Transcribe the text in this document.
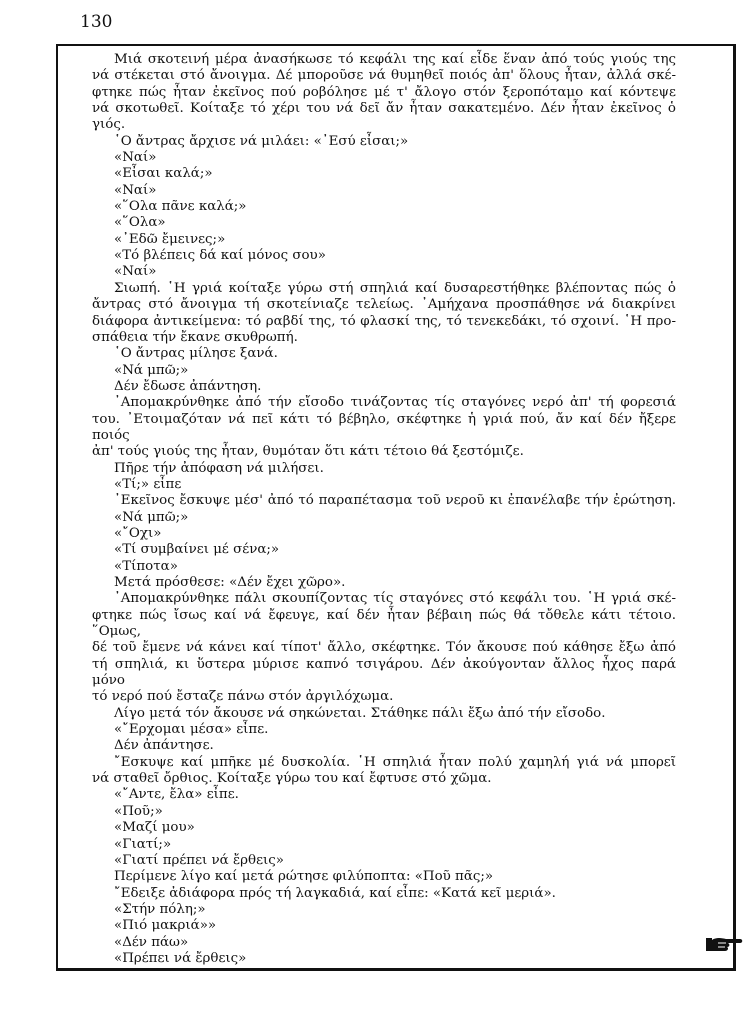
130

Μιά σκοτεινή μέρα ἀνασήκωσε τό κεφάλι της καί εἶδε ἕναν ἀπό τούς γιούς της

νά στέκεται στό ἄνοιγμα. Δέ μποροῦσε νά θυμηθεῖ ποιός ἀπ' ὅλους ἦταν, ἀλλά σκέ-

φτηκε πώς ἦταν ἐκεῖνος πού ροβόλησε μέ τ' ἄλογο στόν ξεροπόταμο καί κόντεψε

νά σκοτωθεῖ. Κοίταξε τό χέρι του νά δεῖ ἄν ἦταν σακατεμένο. Δέν ἦταν ἐκεῖνος ὁ γιός.

῾Ο ἄντρας ἄρχισε νά μιλάει: «᾿Εσύ εἶσαι;»

«Ναί»

«Εἶσαι καλά;»

«Ναί»

«῞Ολα πᾶνε καλά;»

«῞Ολα»

«᾿Εδῶ ἔμεινες;»

«Τό βλέπεις δά καί μόνος σου»

«Ναί»

Σιωπή. ῾Η γριά κοίταξε γύρω στή σπηλιά καί δυσαρεστήθηκε βλέποντας πώς ὁ

ἄντρας στό ἄνοιγμα τή σκοτείνιαζε τελείως. ᾿Αμήχανα προσπάθησε νά διακρίνει

διάφορα ἀντικείμενα: τό ραβδί της, τό φλασκί της, τό τενεκεδάκι, τό σχοινί. ῾Η προ-

σπάθεια τήν ἔκανε σκυθρωπή.

῾Ο ἄντρας μίλησε ξανά.

«Νά μπῶ;»

Δέν ἔδωσε ἀπάντηση.

᾿Απομακρύνθηκε ἀπό τήν εἴσοδο τινάζοντας τίς σταγόνες νερό ἀπ' τή φορεσιά

του. ᾿Ετοιμαζόταν νά πεῖ κάτι τό βέβηλο, σκέφτηκε ἡ γριά πού, ἄν καί δέν ἤξερε ποιός

ἀπ' τούς γιούς της ἦταν, θυμόταν ὅτι κάτι τέτοιο θά ξεστόμιζε.

Πῆρε τήν ἀπόφαση νά μιλήσει.

«Τί;» εἶπε

᾿Εκεῖνος ἔσκυψε μέσ' ἀπό τό παραπέτασμα τοῦ νεροῦ κι ἐπανέλαβε τήν ἐρώτηση.

«Νά μπῶ;»

«῎Οχι»

«Τί συμβαίνει μέ σένα;»

«Τίποτα»

Μετά πρόσθεσε: «Δέν ἔχει χῶρο».

᾿Απομακρύνθηκε πάλι σκουπίζοντας τίς σταγόνες στό κεφάλι του. ῾Η γριά σκέ-

φτηκε πώς ἴσως καί νά ἔφευγε, καί δέν ἦταν βέβαιη πώς θά τὄθελε κάτι τέτοιο. ῞Ομως,

δέ τοῦ ἔμενε νά κάνει καί τίποτ' ἄλλο, σκέφτηκε. Τόν ἄκουσε πού κάθησε ἔξω ἀπό

τή σπηλιά, κι ὕστερα μύρισε καπνό τσιγάρου. Δέν ἀκούγονταν ἄλλος ἦχος παρά μόνο

τό νερό πού ἔσταζε πάνω στόν ἀργιλόχωμα.

Λίγο μετά τόν ἄκουσε νά σηκώνεται. Στάθηκε πάλι ἔξω ἀπό τήν εἴσοδο.

«῎Ερχομαι μέσα» εἶπε.

Δέν ἀπάντησε.

῎Εσκυψε καί μπῆκε μέ δυσκολία. ῾Η σπηλιά ἦταν πολύ χαμηλή γιά νά μπορεῖ

νά σταθεῖ ὄρθιος. Κοίταξε γύρω του καί ἔφτυσε στό χῶμα.

«῎Αντε, ἔλα» εἶπε.

«Ποῦ;»

«Μαζί μου»

«Γιατί;»

«Γιατί πρέπει νά ἔρθεις»

Περίμενε λίγο καί μετά ρώτησε φιλύποπτα: «Ποῦ πᾶς;»

῎Εδειξε ἀδιάφορα πρός τή λαγκαδιά, καί εἶπε: «Κατά κεῖ μεριά».

«Στήν πόλη;»

«Πιό μακριά»»

«Δέν πάω»

«Πρέπει νά ἔρθεις»
